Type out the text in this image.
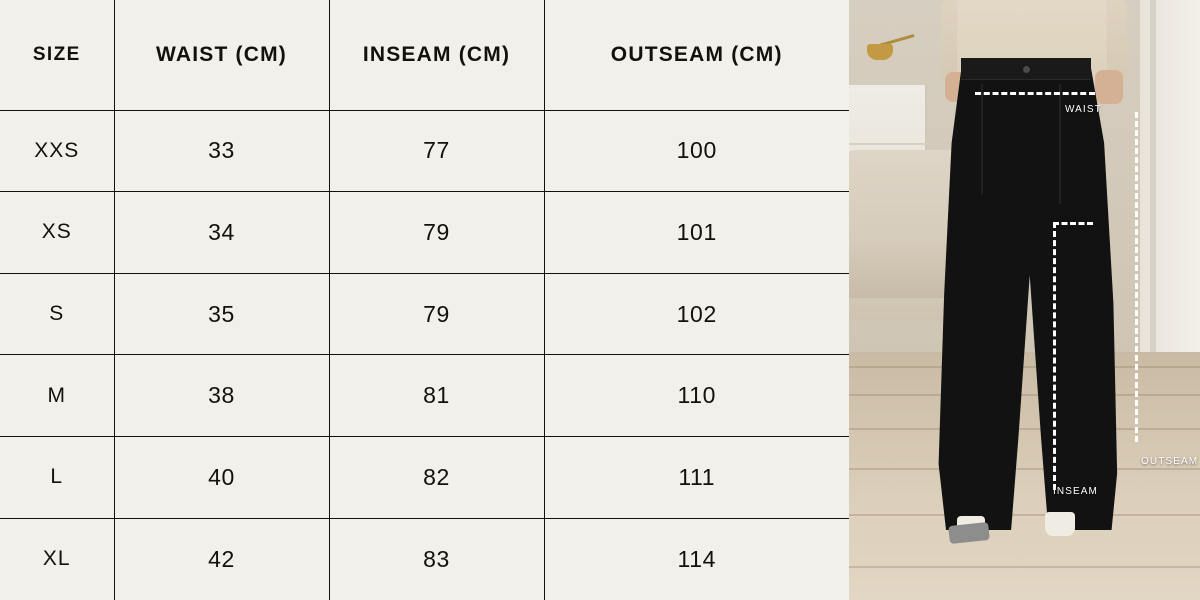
SIZE	WAIST (CM)	INSEAM (CM)	OUTSEAM (CM)
XXS	33	77	100
XS	34	79	101
S	35	79	102
M	38	81	110
L	40	82	111
XL	42	83	114
WAIST
OUTSEAM
INSEAM
